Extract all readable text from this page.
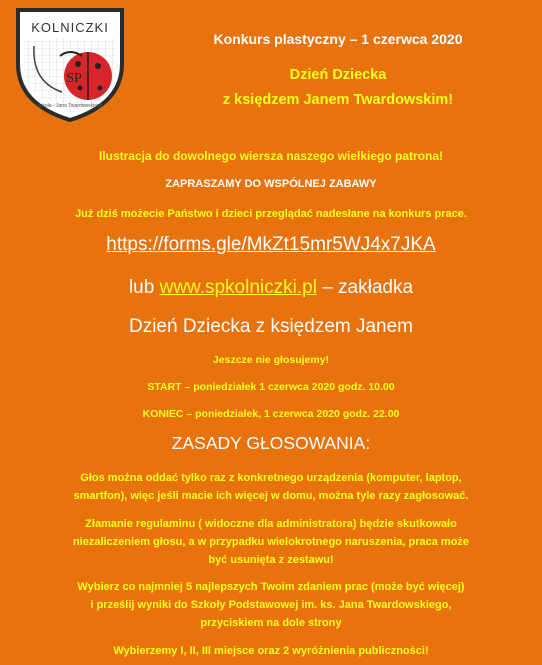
KOLNICZKI
SP
szkoła - Jana Twardowskiego
Konkurs plastyczny – 1 czerwca 2020
Dzień Dziecka
z księdzem Janem Twardowskim!
Ilustracja do dowolnego wiersza naszego wielkiego patrona!
ZAPRASZAMY DO WSPÓLNEJ ZABAWY
Już dziś możecie Państwo i dzieci przeglądać nadesłane na konkurs prace.
https://forms.gle/MkZt15mr5WJ4x7JKA
lub www.spkolniczki.pl – zakładka
Dzień Dziecka z księdzem Janem
Jeszcze nie głosujemy!
START – poniedziałek 1 czerwca 2020 godz. 10.00
KONIEC – poniedziałek, 1 czerwca 2020 godz. 22.00
ZASADY GŁOSOWANIA:
Głos można oddać tylko raz z konkretnego urządzenia (komputer, laptop,
smartfon), więc jeśli macie ich więcej w domu, można tyle razy zagłosować.
Złamanie regulaminu ( widoczne dla administratora) będzie skutkowało
niezaliczeniem głosu, a w przypadku wielokrotnego naruszenia, praca może
być usunięta z zestawu!
Wybierz co najmniej 5 najlepszych Twoim zdaniem prac (może być więcej)
i prześlij wyniki do Szkoły Podstawowej im. ks. Jana Twardowskiego,
przyciskiem na dole strony
Wybierzemy I, II, III miejsce oraz 2 wyróżnienia publiczności!
